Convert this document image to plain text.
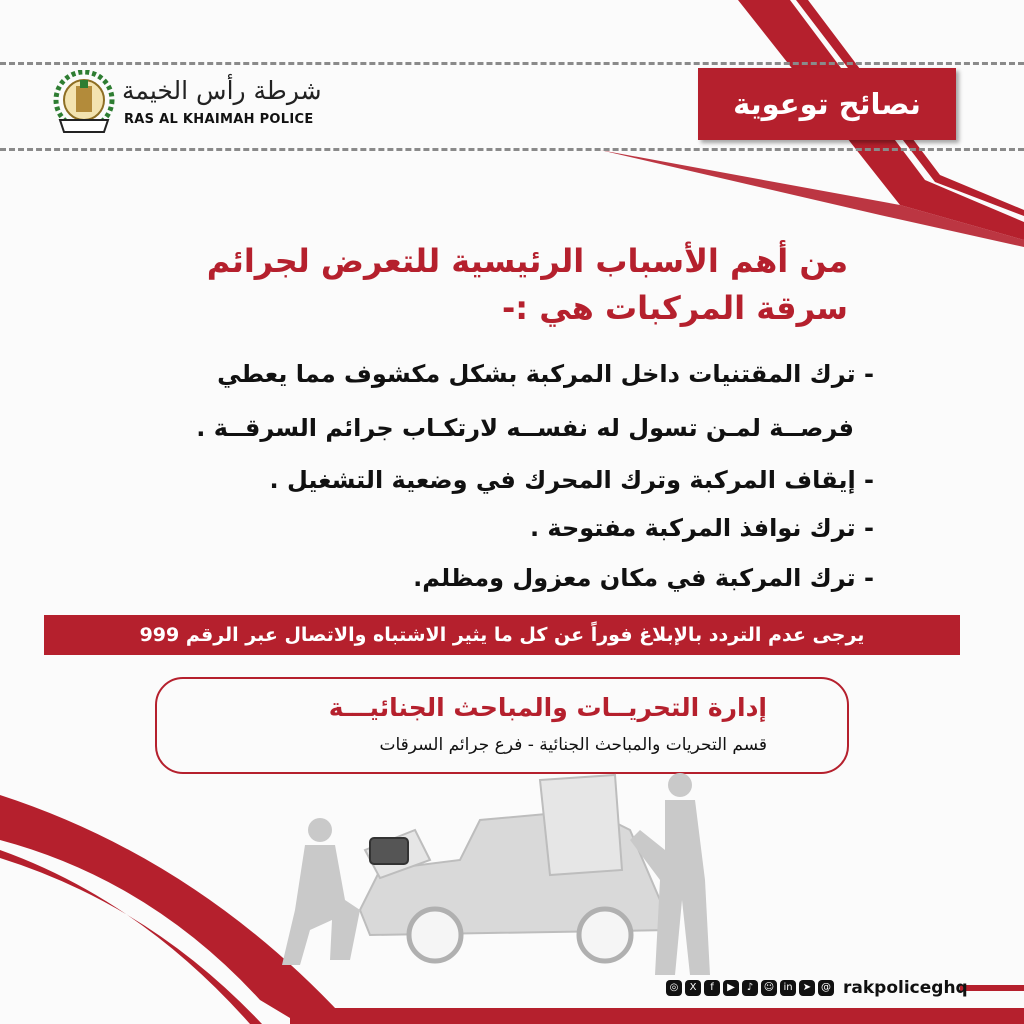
شرطة رأس الخيمة
RAS AL KHAIMAH POLICE	نصائح توعوية
من أهم الأسباب الرئيسية للتعرض لجرائم
سرقة المركبات هي :-
- ترك المقتنيات داخل المركبة بشكل مكشوف مما يعطي
فرصــة لمـن تسول له نفســه لارتكـاب جرائم السرقــة .
- إيقاف المركبة وترك المحرك في وضعية التشغيل .
- ترك نوافذ المركبة مفتوحة .
- ترك المركبة في مكان معزول ومظلم.
يرجى عدم التردد بالإبلاغ فوراً عن كل ما يثير الاشتباه والاتصال عبر الرقم 999
إدارة التحريــات والمباحث الجنائيـــة
قسم التحريات والمباحث الجنائية - فرع جرائم السرقات
◎ X f ▶ ♪ ☺ in ➤ @ rakpoliceghq
